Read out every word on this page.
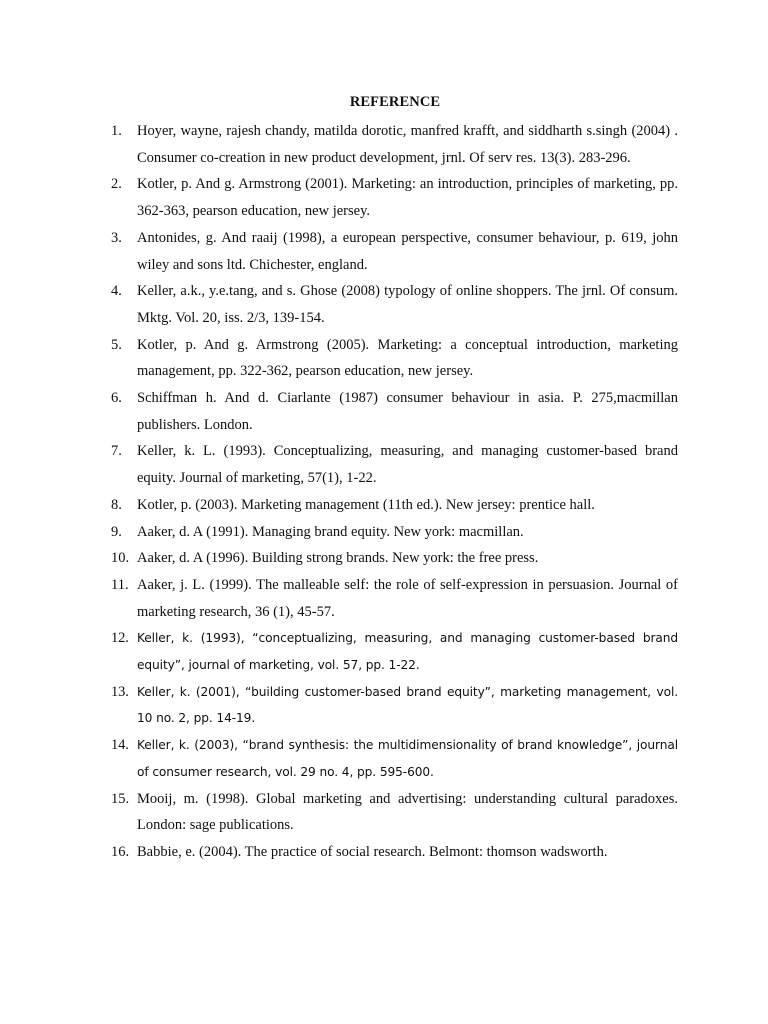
REFERENCE
1.	Hoyer, wayne, rajesh chandy, matilda dorotic, manfred krafft, and siddharth s.singh (2004) . Consumer co-creation in new product development, jrnl. Of serv res. 13(3). 283-296.
2.	Kotler, p. And g. Armstrong (2001). Marketing: an introduction, principles of marketing, pp. 362-363, pearson education, new jersey.
3.	Antonides, g. And raaij (1998), a european perspective, consumer behaviour, p. 619, john wiley and sons ltd. Chichester, england.
4.	Keller, a.k., y.e.tang, and s. Ghose (2008) typology of online shoppers. The jrnl. Of consum. Mktg. Vol. 20, iss. 2/3, 139-154.
5.	Kotler, p. And g. Armstrong (2005). Marketing: a conceptual introduction, marketing management, pp. 322-362, pearson education, new jersey.
6.	Schiffman h. And d. Ciarlante (1987) consumer behaviour in asia. P. 275,macmillan publishers. London.
7.	Keller, k. L. (1993). Conceptualizing, measuring, and managing customer-based brand equity. Journal of marketing, 57(1), 1-22.
8.	Kotler, p. (2003). Marketing management (11th ed.). New jersey: prentice hall.
9.	Aaker, d. A (1991). Managing brand equity. New york: macmillan.
10. Aaker, d. A (1996). Building strong brands. New york: the free press.
11. Aaker, j. L. (1999). The malleable self: the role of self-expression in persuasion. Journal of marketing research, 36 (1), 45-57.
12. Keller, k. (1993), “conceptualizing, measuring, and managing customer-based brand equity”, journal of marketing, vol. 57, pp. 1-22.
13. Keller, k. (2001), “building customer-based brand equity”, marketing management, vol. 10 no. 2, pp. 14-19.
14. Keller, k. (2003), “brand synthesis: the multidimensionality of brand knowledge”, journal of consumer research, vol. 29 no. 4, pp. 595-600.
15. Mooij, m. (1998). Global marketing and advertising: understanding cultural paradoxes. London: sage publications.
16. Babbie, e. (2004). The practice of social research. Belmont: thomson wadsworth.
